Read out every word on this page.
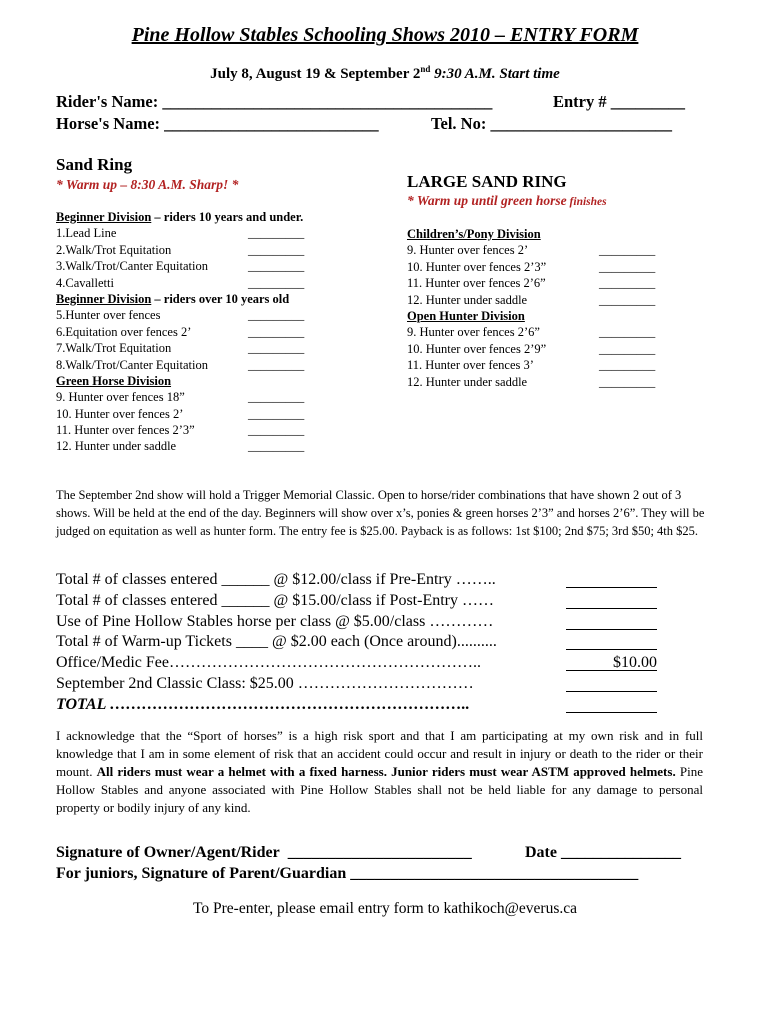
Pine Hollow Stables Schooling Shows 2010 – ENTRY FORM
July 8, August 19 & September 2nd 9:30 A.M. Start time
Rider's Name: ________________________________________	Entry # _________
Horse's Name: __________________________	Tel. No: ______________________
Sand Ring
* Warm up – 8:30 A.M. Sharp! *
Beginner Division – riders 10 years and under.
1.Lead Line	_________
2.Walk/Trot Equitation	_________
3.Walk/Trot/Canter Equitation	_________
4.Cavalletti	_________
Beginner Division – riders over 10 years old
5.Hunter over fences	_________
6.Equitation over fences 2’	_________
7.Walk/Trot Equitation	_________
8.Walk/Trot/Canter Equitation	_________
Green Horse Division
9. Hunter over fences 18”	_________
10. Hunter over fences 2’	_________
11. Hunter over fences 2’3”	_________
12. Hunter under saddle	_________
LARGE SAND RING
* Warm up until green horse finishes
Children’s/Pony Division
9. Hunter over fences 2’	_________
10. Hunter over fences 2’3”	_________
11. Hunter over fences 2’6”	_________
12. Hunter under saddle	_________
Open Hunter Division
9. Hunter over fences 2’6”	_________
10. Hunter over fences 2’9”	_________
11. Hunter over fences 3’	_________
12. Hunter under saddle	_________
The September 2nd show will hold a Trigger Memorial Classic. Open to horse/rider combinations that have shown 2 out of 3 shows. Will be held at the end of the day. Beginners will show over x’s, ponies & green horses 2’3” and horses 2’6”. They will be judged on equitation as well as hunter form. The entry fee is $25.00. Payback is as follows: 1st $100; 2nd $75; 3rd $50; 4th $25.
Total # of classes entered ______ @ $12.00/class if Pre-Entry ……..
Total # of classes entered ______ @ $15.00/class if Post-Entry ……
Use of Pine Hollow Stables horse per class @ $5.00/class …………
Total # of Warm-up Tickets ____ @ $2.00 each (Once around)..........
Office/Medic Fee…………………………………………………..	$10.00
September 2nd Classic Class: $25.00 ……………………………
TOTAL …………………………………………………………..
I acknowledge that the “Sport of horses” is a high risk sport and that I am participating at my own risk and in full knowledge that I am in some element of risk that an accident could occur and result in injury or death to the rider or their mount. All riders must wear a helmet with a fixed harness. Junior riders must wear ASTM approved helmets. Pine Hollow Stables and anyone associated with Pine Hollow Stables shall not be held liable for any damage to personal property or bodily injury of any kind.
Signature of Owner/Agent/Rider _______________________	Date _______________
For juniors, Signature of Parent/Guardian ____________________________________
To Pre-enter, please email entry form to kathikoch@everus.ca
